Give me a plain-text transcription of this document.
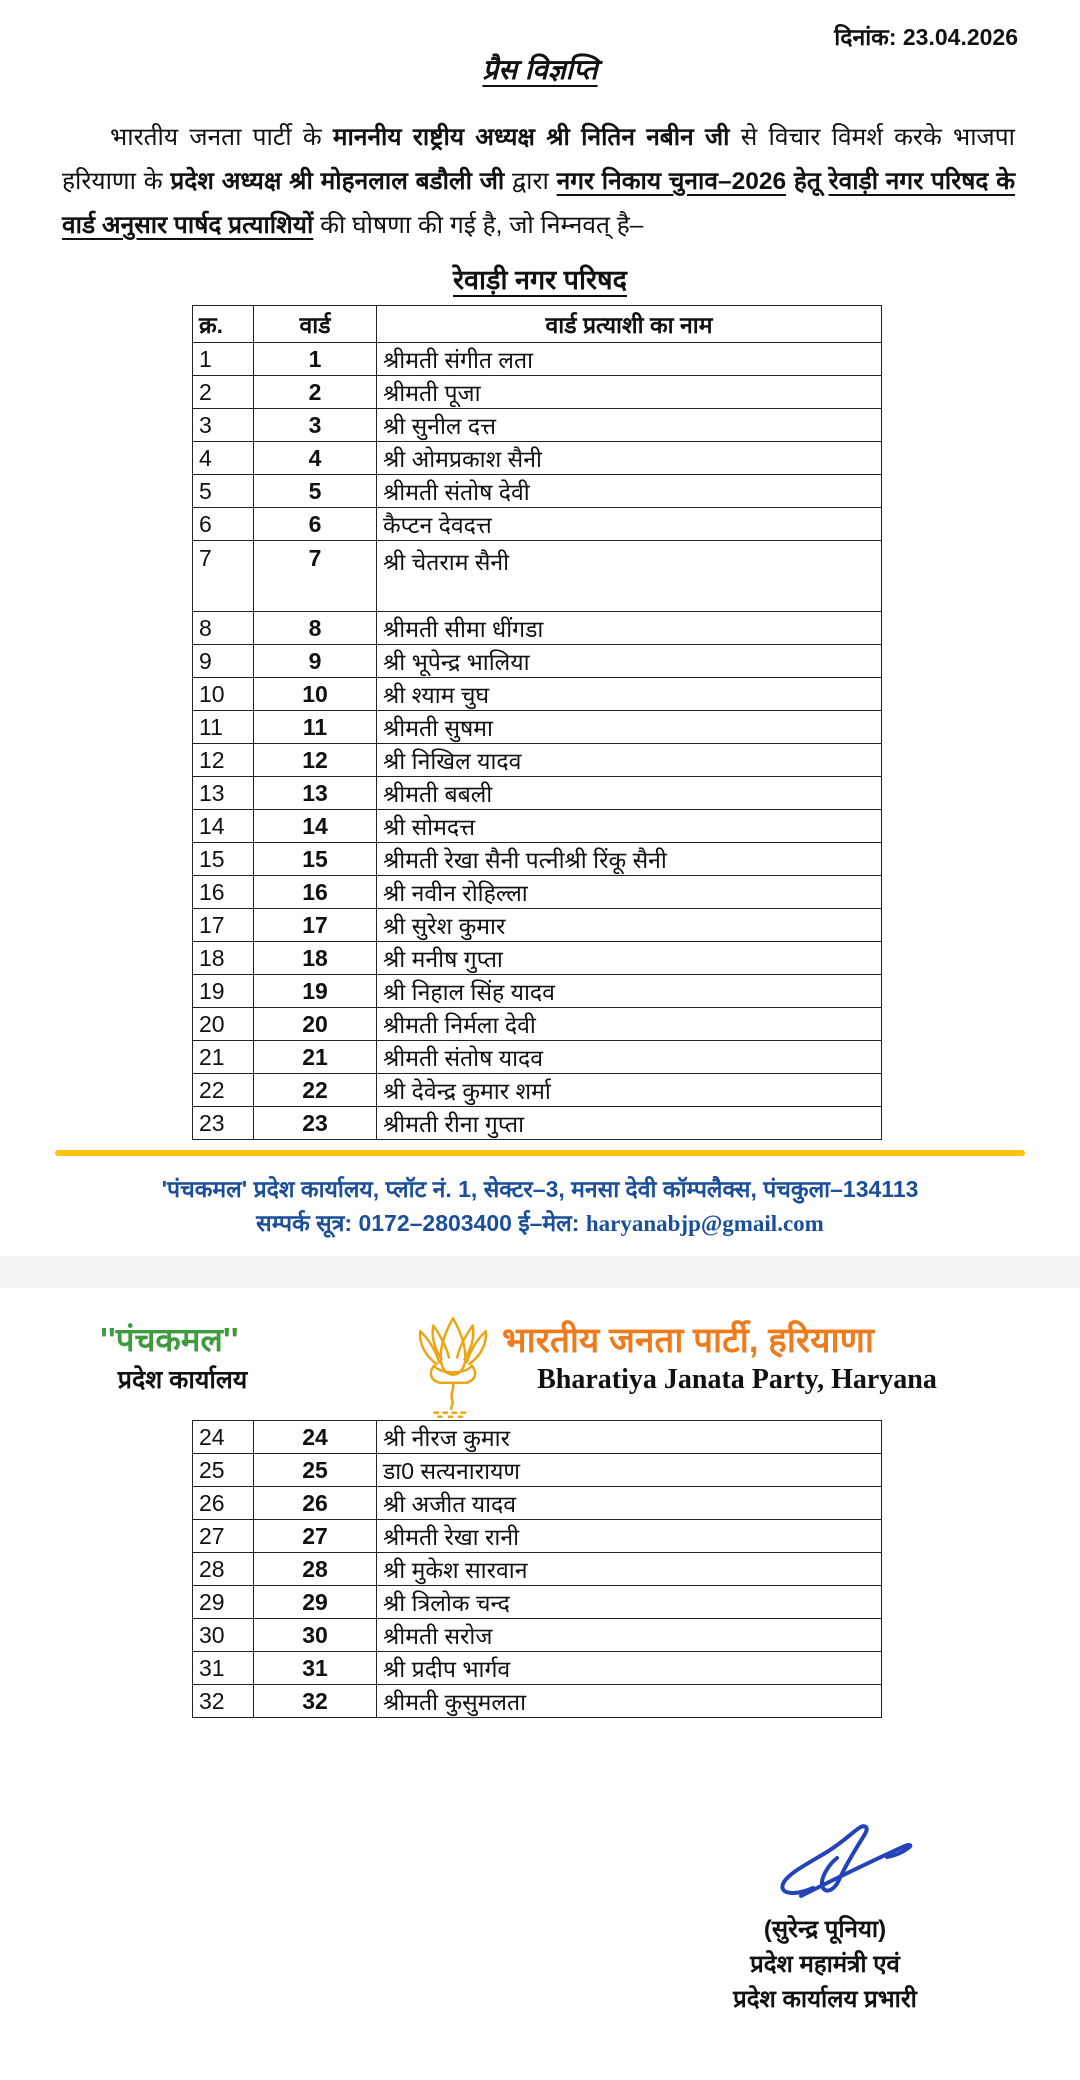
दिनांक: 23.04.2026
प्रैस विज्ञप्ति
भारतीय जनता पार्टी के माननीय राष्ट्रीय अध्यक्ष श्री नितिन नबीन जी से विचार विमर्श करके भाजपा हरियाणा के प्रदेश अध्यक्ष श्री मोहनलाल बडौली जी द्वारा नगर निकाय चुनाव–2026 हेतू रेवाड़ी नगर परिषद के वार्ड अनुसार पार्षद प्रत्याशियों की घोषणा की गई है, जो निम्नवत् है–
रेवाड़ी नगर परिषद
क्र.	वार्ड	वार्ड प्रत्याशी का नाम
1	1	श्रीमती संगीत लता
2	2	श्रीमती पूजा
3	3	श्री सुनील दत्त
4	4	श्री ओमप्रकाश सैनी
5	5	श्रीमती संतोष देवी
6	6	कैप्टन देवदत्त
7	7	श्री चेतराम सैनी
8	8	श्रीमती सीमा धींगडा
9	9	श्री भूपेन्द्र भालिया
10	10	श्री श्याम चुघ
11	11	श्रीमती सुषमा
12	12	श्री निखिल यादव
13	13	श्रीमती बबली
14	14	श्री सोमदत्त
15	15	श्रीमती रेखा सैनी पत्नीश्री रिंकू सैनी
16	16	श्री नवीन रोहिल्ला
17	17	श्री सुरेश कुमार
18	18	श्री मनीष गुप्ता
19	19	श्री निहाल सिंह यादव
20	20	श्रीमती निर्मला देवी
21	21	श्रीमती संतोष यादव
22	22	श्री देवेन्द्र कुमार शर्मा
23	23	श्रीमती रीना गुप्ता
'पंचकमल' प्रदेश कार्यालय, प्लॉट नं. 1, सेक्टर–3, मनसा देवी कॉम्पलैक्स, पंचकुला–134113
सम्पर्क सूत्र: 0172–2803400 ई–मेल: haryanabjp@gmail.com
''पंचकमल''
प्रदेश कार्यालय
भारतीय जनता पार्टी, हरियाणा
Bharatiya Janata Party, Haryana
24	24	श्री नीरज कुमार
25	25	डा0 सत्यनारायण
26	26	श्री अजीत यादव
27	27	श्रीमती रेखा रानी
28	28	श्री मुकेश सारवान
29	29	श्री त्रिलोक चन्द
30	30	श्रीमती सरोज
31	31	श्री प्रदीप भार्गव
32	32	श्रीमती कुसुमलता
(सुरेन्द्र पूनिया)
प्रदेश महामंत्री एवं
प्रदेश कार्यालय प्रभारी
